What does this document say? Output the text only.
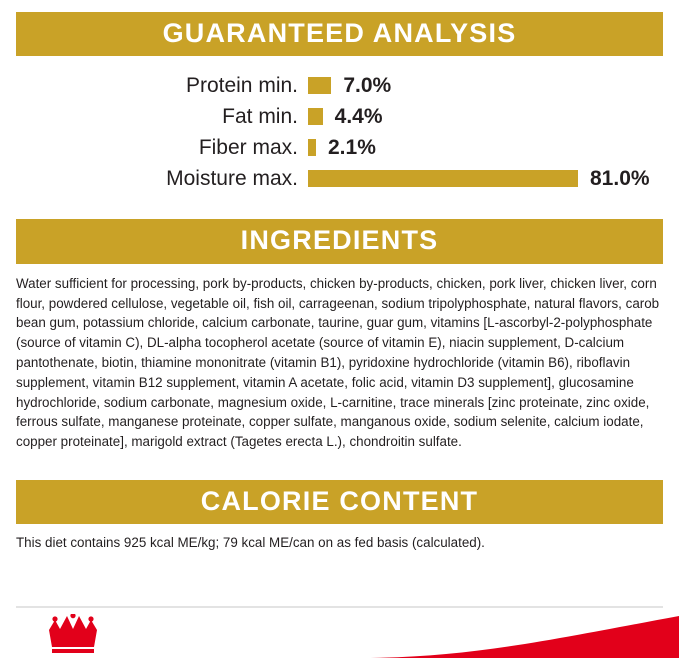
GUARANTEED ANALYSIS
Protein min.	7.0%
Fat min.	4.4%
Fiber max.	2.1%
Moisture max.	81.0%
INGREDIENTS
Water sufficient for processing, pork by-products, chicken by-products, chicken, pork liver, chicken liver, corn flour, powdered cellulose, vegetable oil, fish oil, carrageenan, sodium tripolyphosphate, natural flavors, carob bean gum, potassium chloride, calcium carbonate, taurine, guar gum, vitamins [L-ascorbyl-2-polyphosphate (source of vitamin C), DL-alpha tocopherol acetate (source of vitamin E), niacin supplement, D-calcium pantothenate, biotin, thiamine mononitrate (vitamin B1), pyridoxine hydrochloride (vitamin B6), riboflavin supplement, vitamin B12 supplement, vitamin A acetate, folic acid, vitamin D3 supplement], glucosamine hydrochloride, sodium carbonate, magnesium oxide, L-carnitine, trace minerals [zinc proteinate, zinc oxide, ferrous sulfate, manganese proteinate, copper sulfate, manganous oxide, sodium selenite, calcium iodate, copper proteinate], marigold extract (Tagetes erecta L.), chondroitin sulfate.
CALORIE CONTENT
This diet contains 925 kcal ME/kg; 79 kcal ME/can on as fed basis (calculated).
